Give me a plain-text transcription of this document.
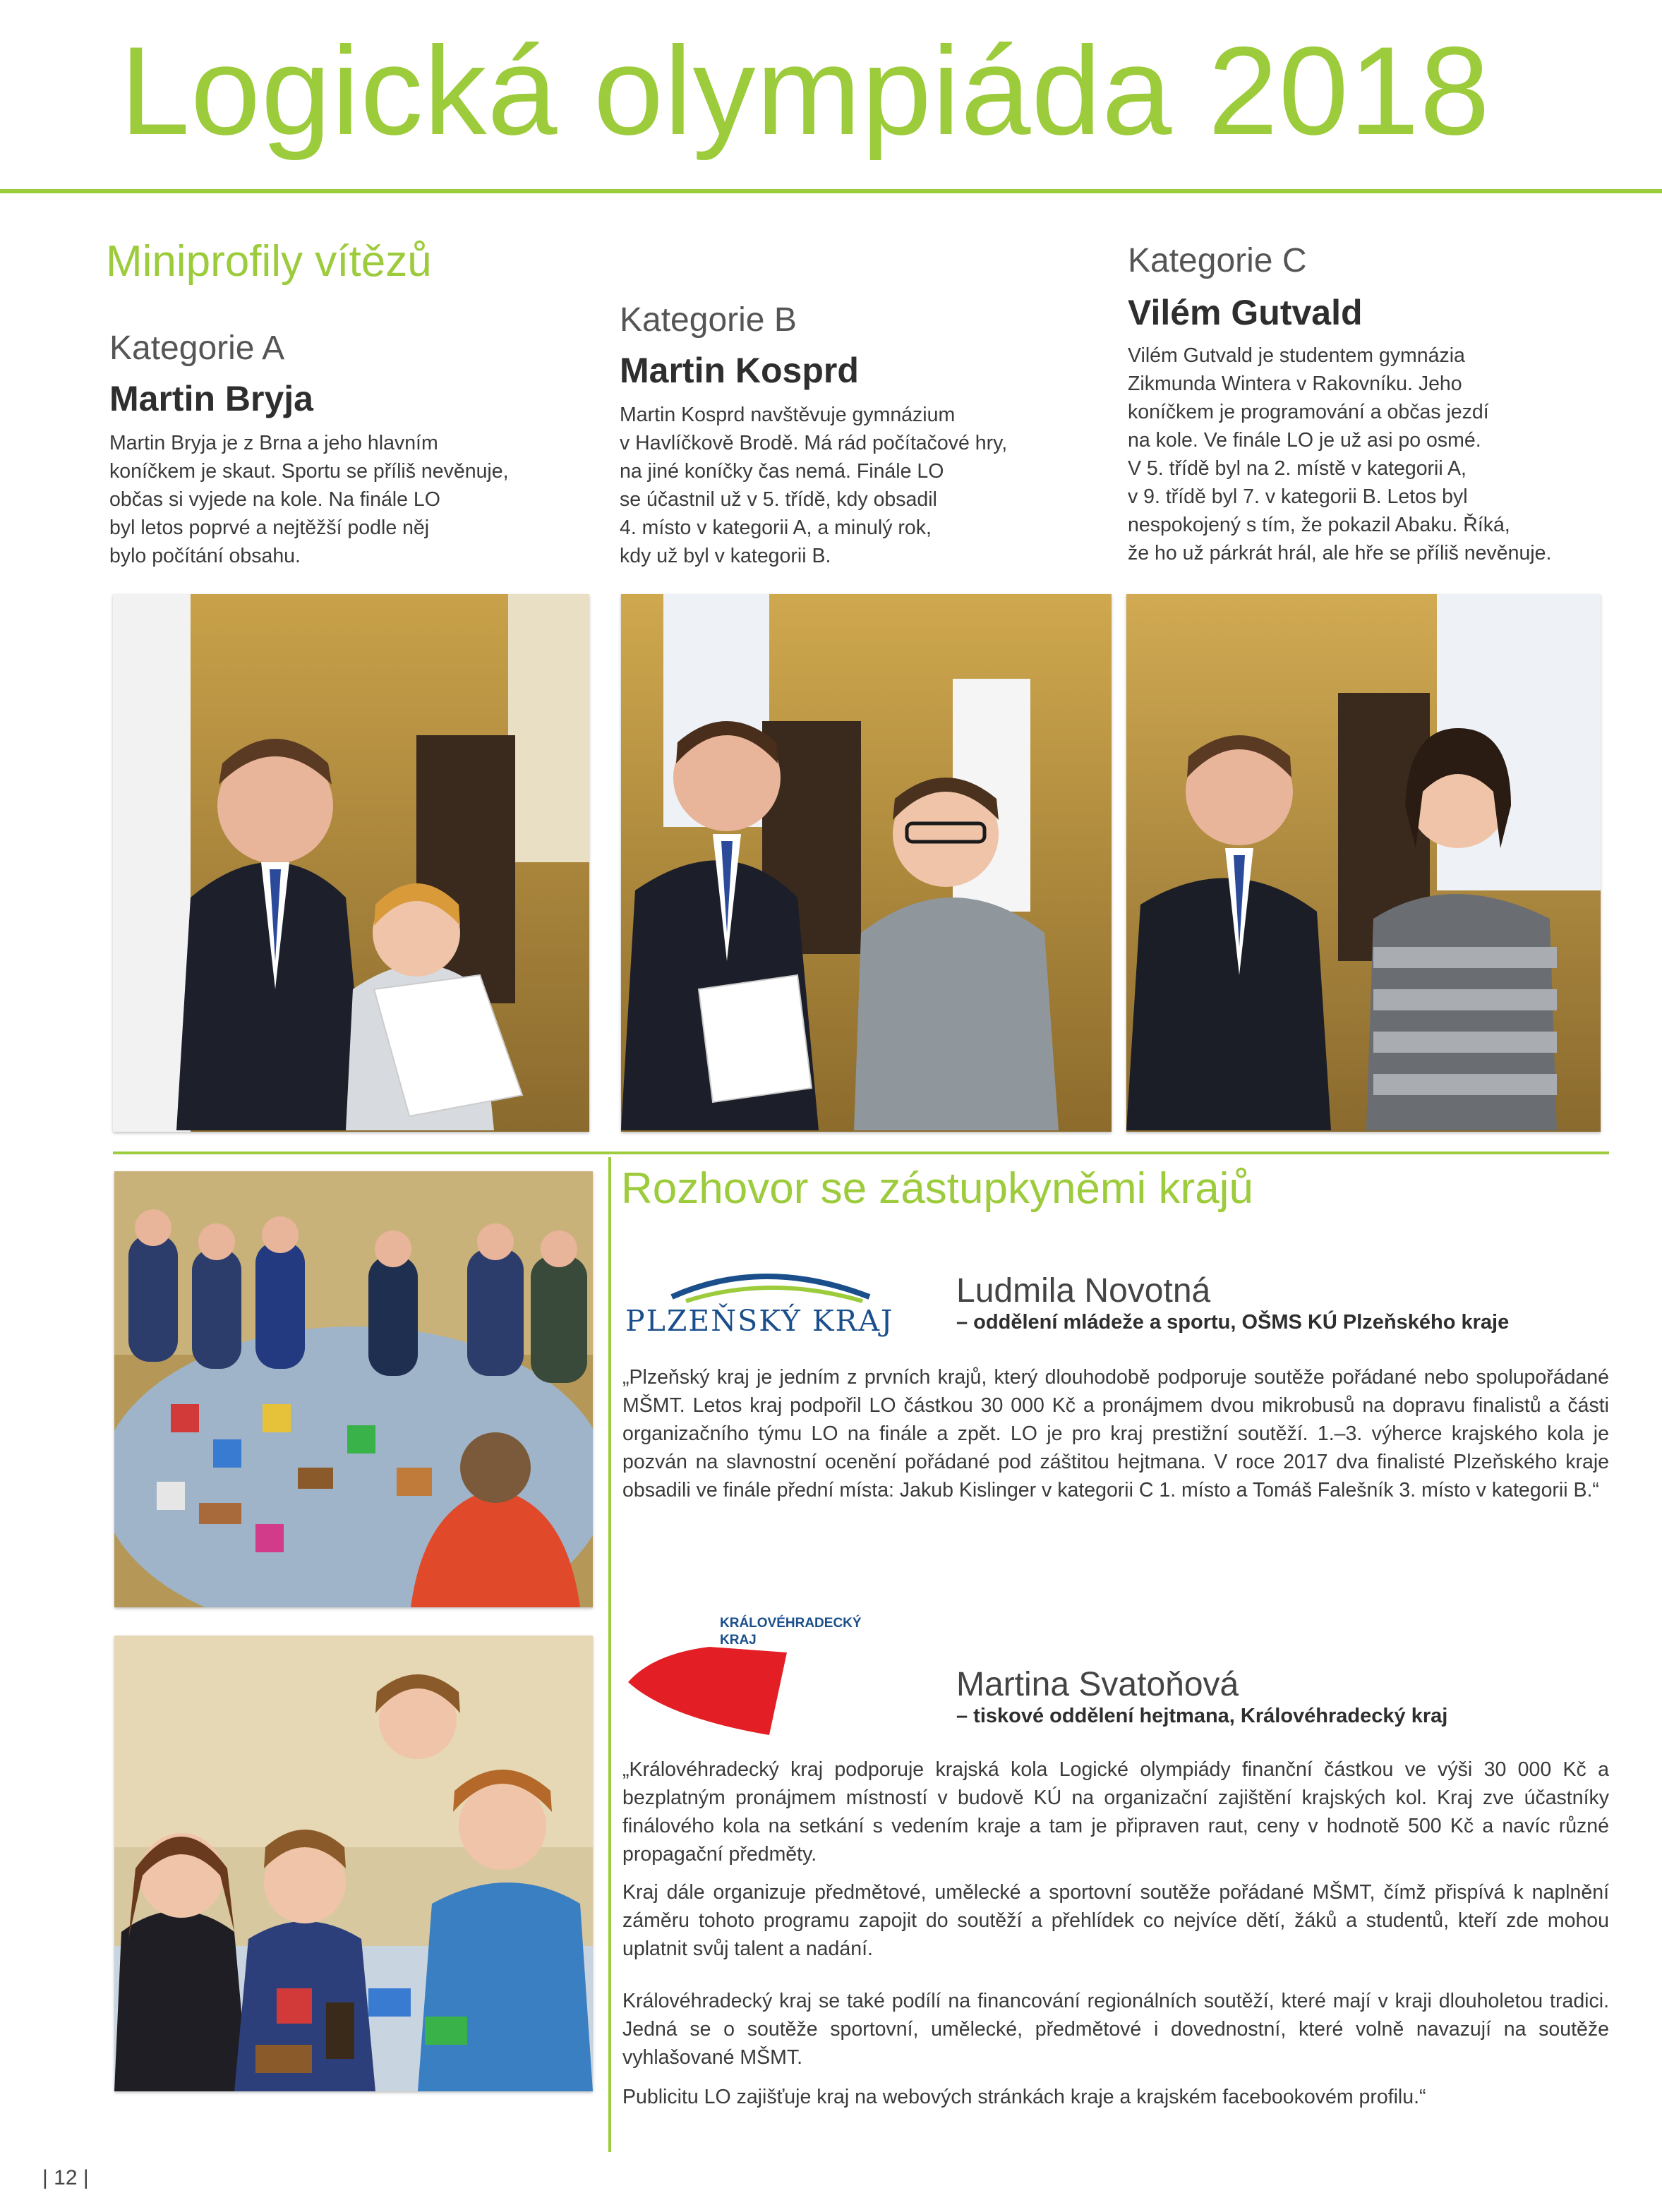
Logická olympiáda 2018
Miniprofily vítězů
Kategorie A
Martin Bryja
Martin Bryja je z Brna a jeho hlavním
koníčkem je skaut. Sportu se příliš nevěnuje,
občas si vyjede na kole. Na finále LO
byl letos poprvé a nejtěžší podle něj
bylo počítání obsahu.
Kategorie B
Martin Kosprd
Martin Kosprd navštěvuje gymnázium
v Havlíčkově Brodě. Má rád počítačové hry,
na jiné koníčky čas nemá. Finále LO
se účastnil už v 5. třídě, kdy obsadil
4. místo v kategorii A, a minulý rok,
kdy už byl v kategorii B.
Kategorie C
Vilém Gutvald
Vilém Gutvald je studentem gymnázia
Zikmunda Wintera v Rakovníku. Jeho
koníčkem je programování a občas jezdí
na kole. Ve finále LO je už asi po osmé.
V 5. třídě byl na 2. místě v kategorii A,
v 9. třídě byl 7. v kategorii B. Letos byl
nespokojený s tím, že pokazil Abaku. Říká,
že ho už párkrát hrál, ale hře se příliš nevěnuje.
Rozhovor se zástupkyněmi krajů
PLZEŇSKÝ KRAJ
Ludmila Novotná
– oddělení mládeže a sportu, OŠMS KÚ Plzeňského kraje
„Plzeňský kraj je jedním z prvních krajů, který dlouhodobě podporuje soutěže pořádané nebo spolupořádané MŠMT. Letos kraj podpořil LO částkou 30 000 Kč a pronájmem dvou mikrobusů na dopravu finalistů a části organizačního týmu LO na finále a zpět. LO je pro kraj prestižní soutěží. 1.–3. výherce krajského kola je pozván na slavnostní ocenění pořádané pod záštitou hejtmana. V roce 2017 dva finalisté Plzeňského kraje obsadili ve finále přední místa: Jakub Kislinger v kategorii C 1. místo a Tomáš Falešník 3. místo v kategorii B.“
KRÁLOVÉHRADECKÝ
KRAJ
Martina Svatoňová
– tiskové oddělení hejtmana, Královéhradecký kraj
„Královéhradecký kraj podporuje krajská kola Logické olympiády finanční částkou ve výši 30 000 Kč a bezplatným pronájmem místností v budově KÚ na organizační zajištění krajských kol. Kraj zve účastníky finálového kola na setkání s vedením kraje a tam je připraven raut, ceny v hodnotě 500 Kč a navíc různé propagační předměty.
Kraj dále organizuje předmětové, umělecké a sportovní soutěže pořádané MŠMT, čímž přispívá k naplnění záměru tohoto programu zapojit do soutěží a přehlídek co nejvíce dětí, žáků a studentů, kteří zde mohou uplatnit svůj talent a nadání.
Královéhradecký kraj se také podílí na financování regionálních soutěží, které mají v kraji dlouholetou tradici. Jedná se o soutěže sportovní, umělecké, předmětové i dovednostní, které volně navazují na soutěže vyhlašované MŠMT.
Publicitu LO zajišťuje kraj na webových stránkách kraje a krajském facebookovém profilu.“
| 12 |
